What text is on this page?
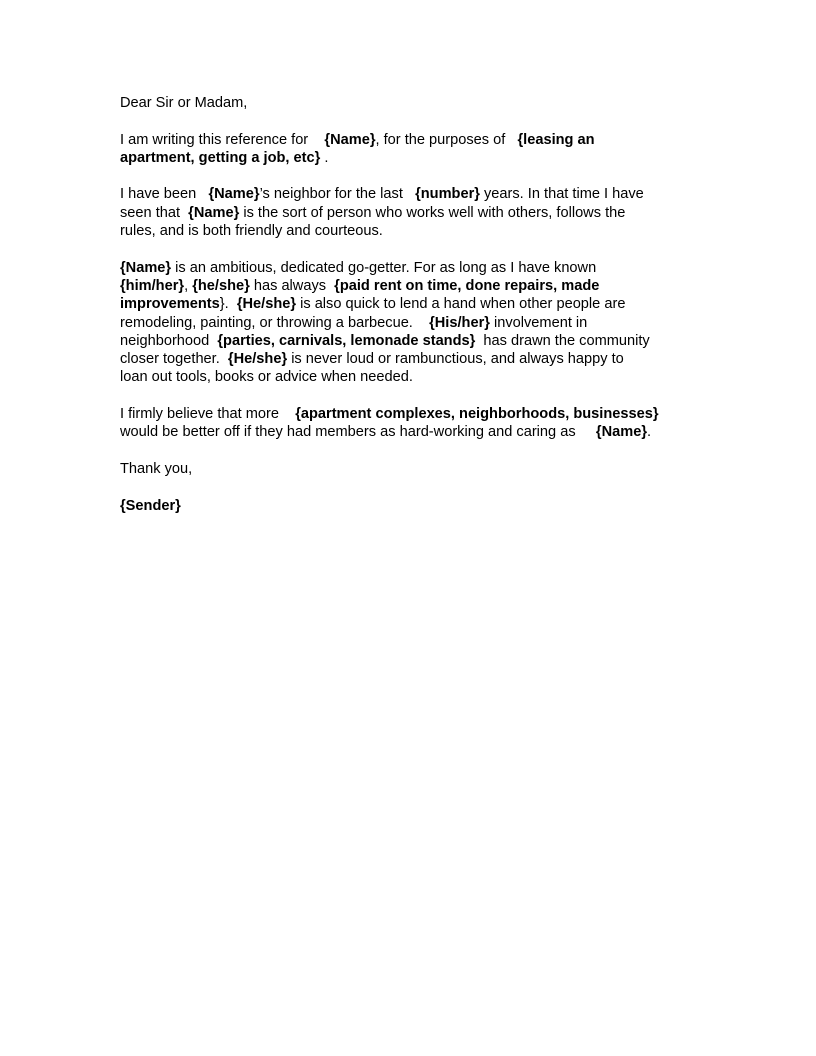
Dear Sir or Madam,
I am writing this reference for {Name}, for the purposes of {leasing an
apartment, getting a job, etc} .
I have been {Name}’s neighbor for the last {number} years. In that time I have
seen that {Name} is the sort of person who works well with others, follows the
rules, and is both friendly and courteous.
{Name} is an ambitious, dedicated go-getter. For as long as I have known
{him/her}, {he/she} has always {paid rent on time, done repairs, made
improvements}. {He/she} is also quick to lend a hand when other people are
remodeling, painting, or throwing a barbecue. {His/her} involvement in
neighborhood {parties, carnivals, lemonade stands} has drawn the community
closer together. {He/she} is never loud or rambunctious, and always happy to
loan out tools, books or advice when needed.
I firmly believe that more {apartment complexes, neighborhoods, businesses}
would be better off if they had members as hard-working and caring as {Name}.
Thank you,
{Sender}
